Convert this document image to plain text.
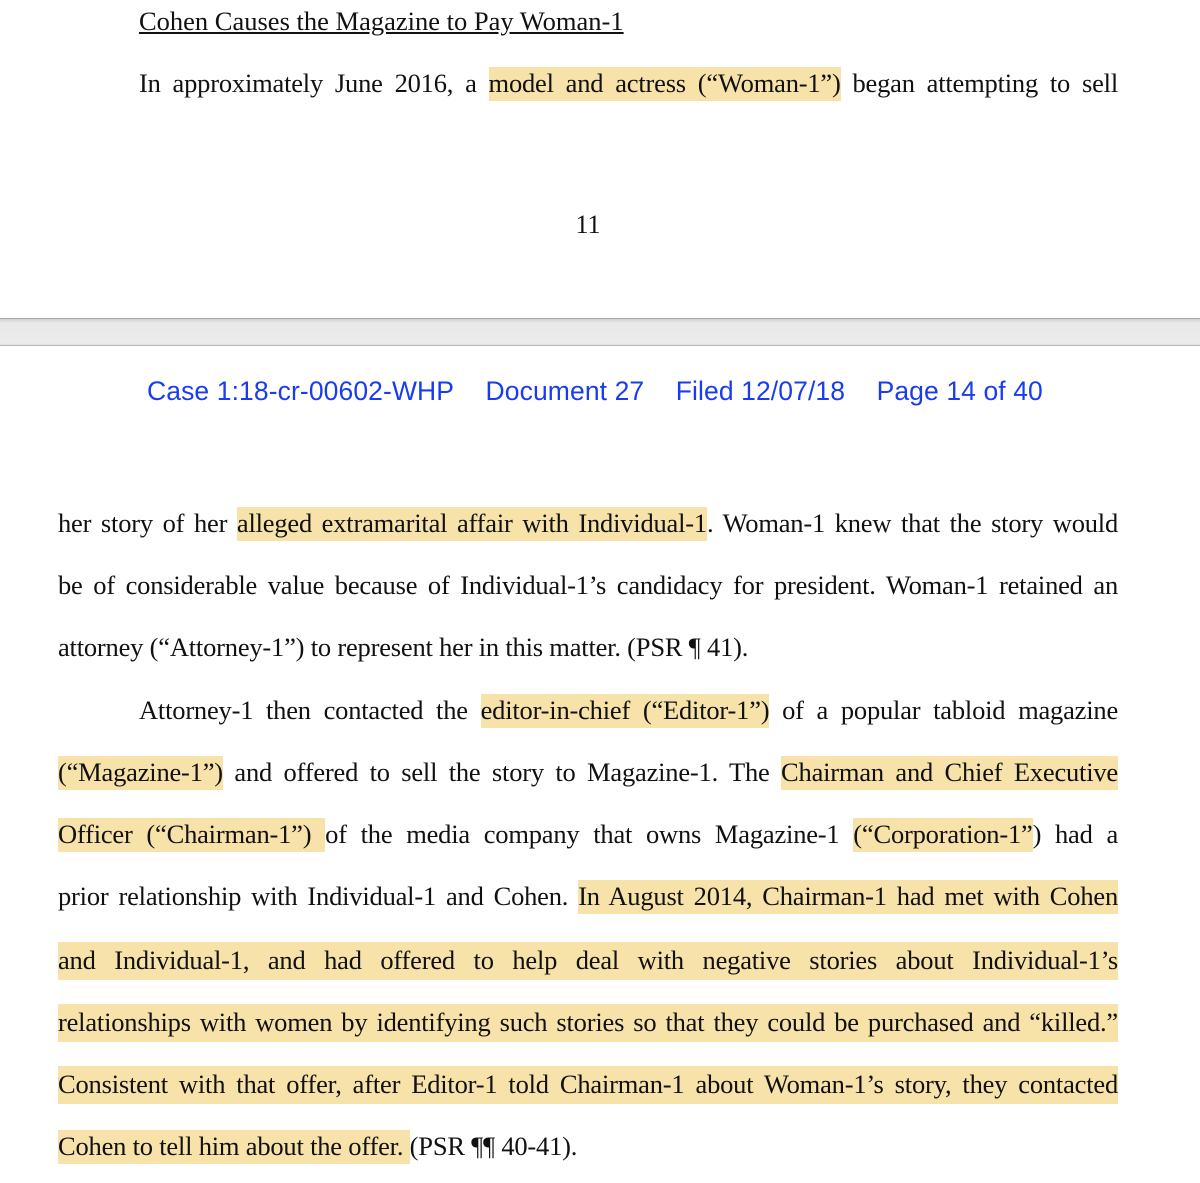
Cohen Causes the Magazine to Pay Woman-1
In approximately June 2016, a model and actress (“Woman-1”) began attempting to sell
11
Case 1:18-cr-00602-WHP Document 27 Filed 12/07/18 Page 14 of 40
her story of her alleged extramarital affair with Individual-1. Woman-1 knew that the story would
be of considerable value because of Individual-1’s candidacy for president. Woman-1 retained an
attorney (“Attorney-1”) to represent her in this matter. (PSR ¶ 41).
Attorney-1 then contacted the editor-in-chief (“Editor-1”) of a popular tabloid magazine
(“Magazine-1”) and offered to sell the story to Magazine-1. The Chairman and Chief Executive
Officer (“Chairman-1”) of the media company that owns Magazine-1 (“Corporation-1”) had a
prior relationship with Individual-1 and Cohen. In August 2014, Chairman-1 had met with Cohen
and Individual-1, and had offered to help deal with negative stories about Individual-1’s
relationships with women by identifying such stories so that they could be purchased and “killed.”
Consistent with that offer, after Editor-1 told Chairman-1 about Woman-1’s story, they contacted
Cohen to tell him about the offer. (PSR ¶¶ 40-41).
